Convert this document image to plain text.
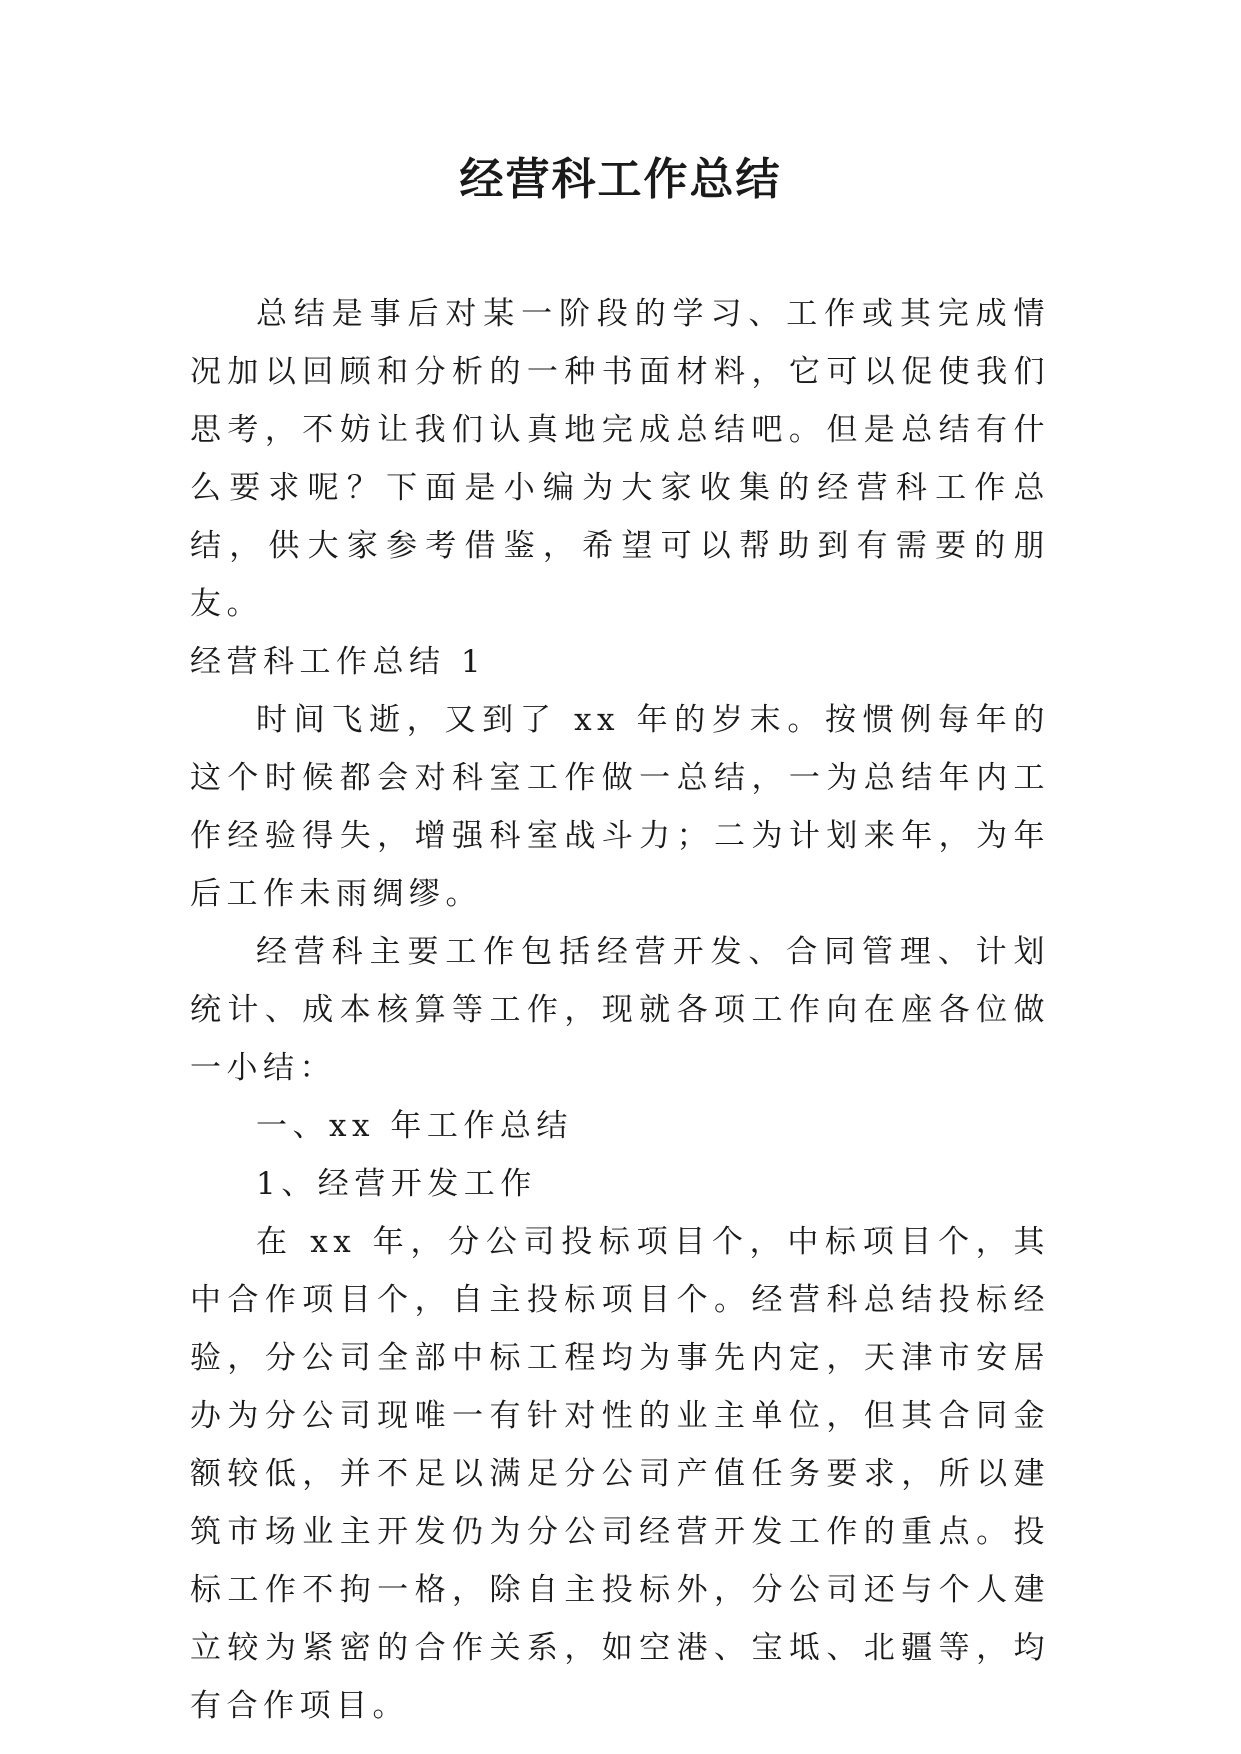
经营科工作总结

总结是事后对某一阶段的学习、工作或其完成情况加以回顾和分析的一种书面材料，它可以促使我们思考，不妨让我们认真地完成总结吧。但是总结有什么要求呢？下面是小编为大家收集的经营科工作总结，供大家参考借鉴，希望可以帮助到有需要的朋友。

经营科工作总结 1

时间飞逝，又到了 xx 年的岁末。按惯例每年的这个时候都会对科室工作做一总结，一为总结年内工作经验得失，增强科室战斗力；二为计划来年，为年后工作未雨绸缪。

经营科主要工作包括经营开发、合同管理、计划统计、成本核算等工作，现就各项工作向在座各位做一小结：

一、xx 年工作总结

1、经营开发工作

在 xx 年，分公司投标项目个，中标项目个，其中合作项目个，自主投标项目个。经营科总结投标经验，分公司全部中标工程均为事先内定，天津市安居办为分公司现唯一有针对性的业主单位，但其合同金额较低，并不足以满足分公司产值任务要求，所以建筑市场业主开发仍为分公司经营开发工作的重点。投标工作不拘一格，除自主投标外，分公司还与个人建立较为紧密的合作关系，如空港、宝坻、北疆等，均有合作项目。
